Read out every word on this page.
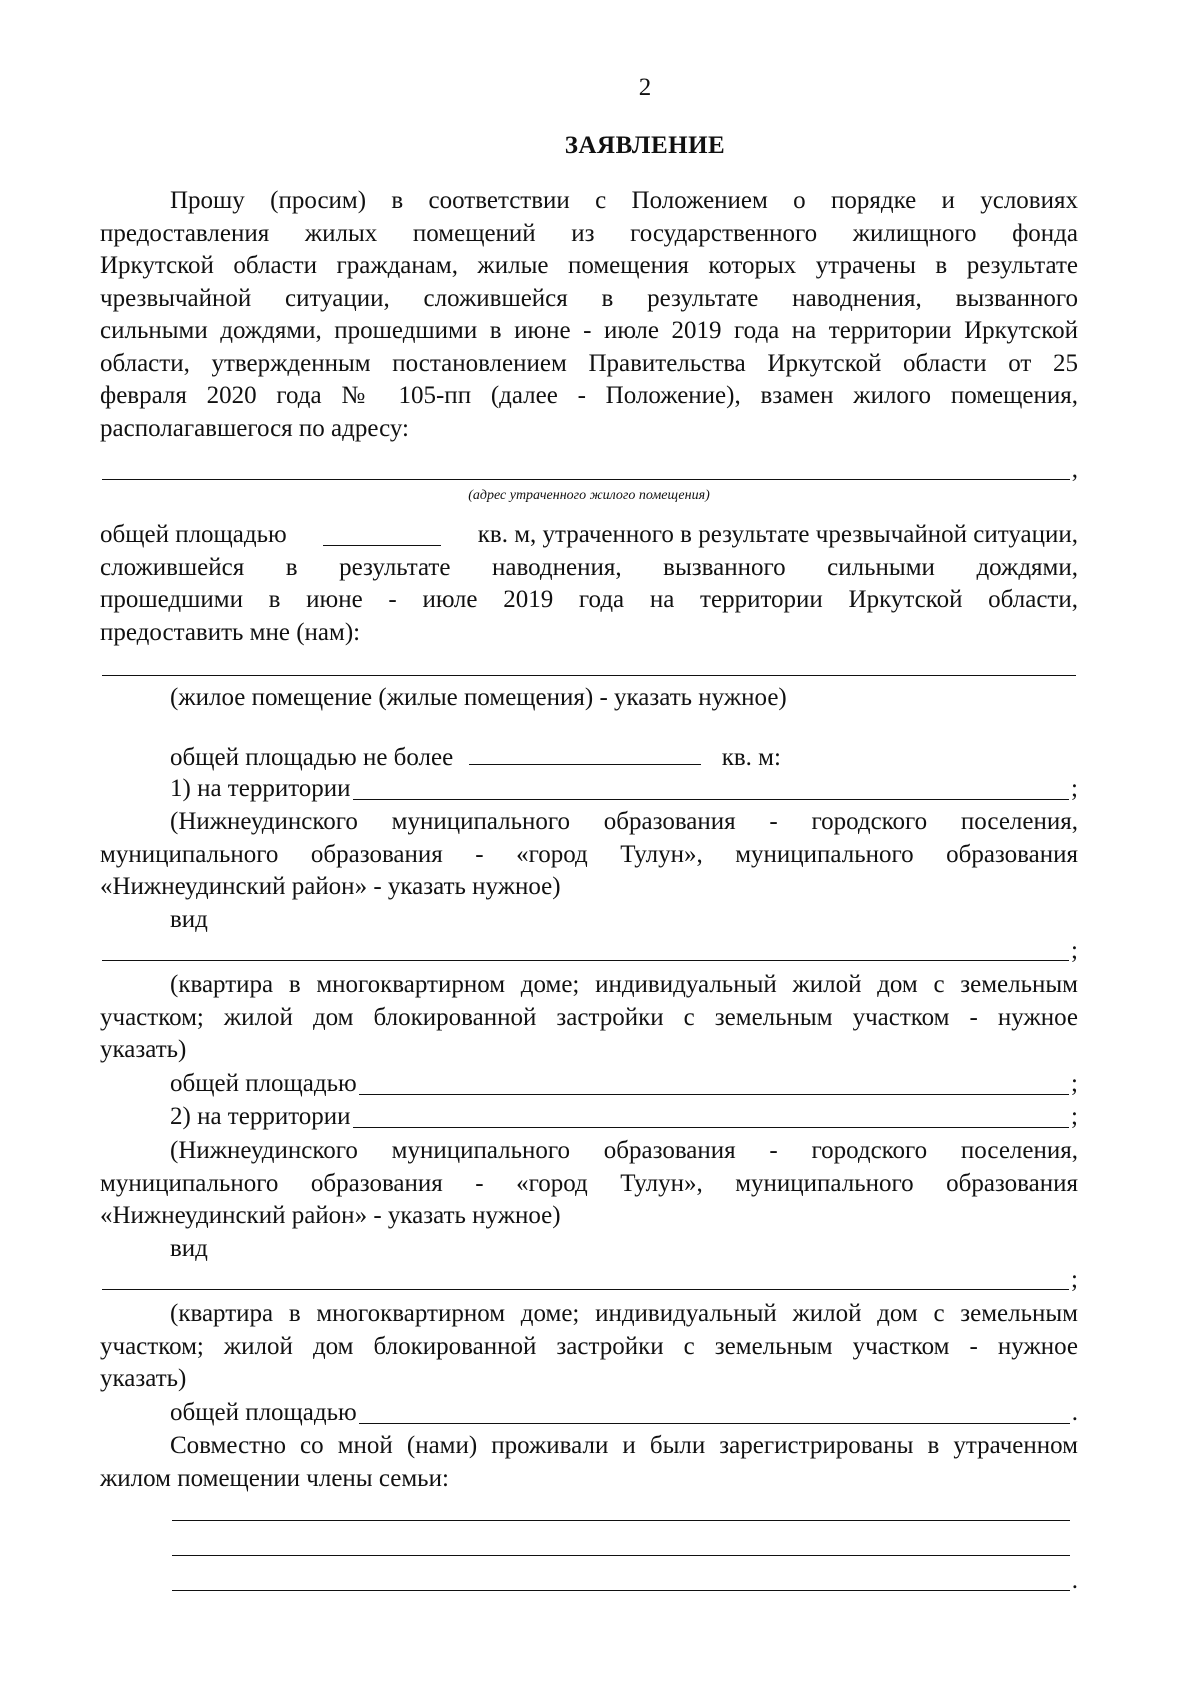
2
ЗАЯВЛЕНИЕ

Прошу (просим) в соответствии с Положением о порядке и условиях

предоставления жилых помещений из государственного жилищного фонда

Иркутской области гражданам, жилые помещения которых утрачены в результате

чрезвычайной ситуации, сложившейся в результате наводнения, вызванного

сильными дождями, прошедшими в июне - июле 2019 года на территории Иркутской

области, утвержденным постановлением Правительства Иркутской области от 25

февраля 2020 года № 105-пп (далее - Положение), взамен жилого помещения,

располагавшегося по адресу:

,
(адрес утраченного жилого помещения)

общей площадью	кв. м, утраченного в результате чрезвычайной ситуации,

сложившейся в результате наводнения, вызванного сильными дождями,

прошедшими в июне - июле 2019 года на территории Иркутской области,

предоставить мне (нам):

(жилое помещение (жилые помещения) - указать нужное)
общей площадью не более	кв. м:
1) на территории	;

(Нижнеудинского муниципального образования - городского поселения,

муниципального образования - «город Тулун», муниципального образования

«Нижнеудинский район» - указать нужное)

вид
;

(квартира в многоквартирном доме; индивидуальный жилой дом с земельным

участком; жилой дом блокированной застройки с земельным участком - нужное

указать)

общей площадью	;
2) на территории	;

(Нижнеудинского муниципального образования - городского поселения,

муниципального образования - «город Тулун», муниципального образования

«Нижнеудинский район» - указать нужное)

вид
;

(квартира в многоквартирном доме; индивидуальный жилой дом с земельным

участком; жилой дом блокированной застройки с земельным участком - нужное

указать)

общей площадью	.

Совместно со мной (нами) проживали и были зарегистрированы в утраченном

жилом помещении члены семьи:

.
